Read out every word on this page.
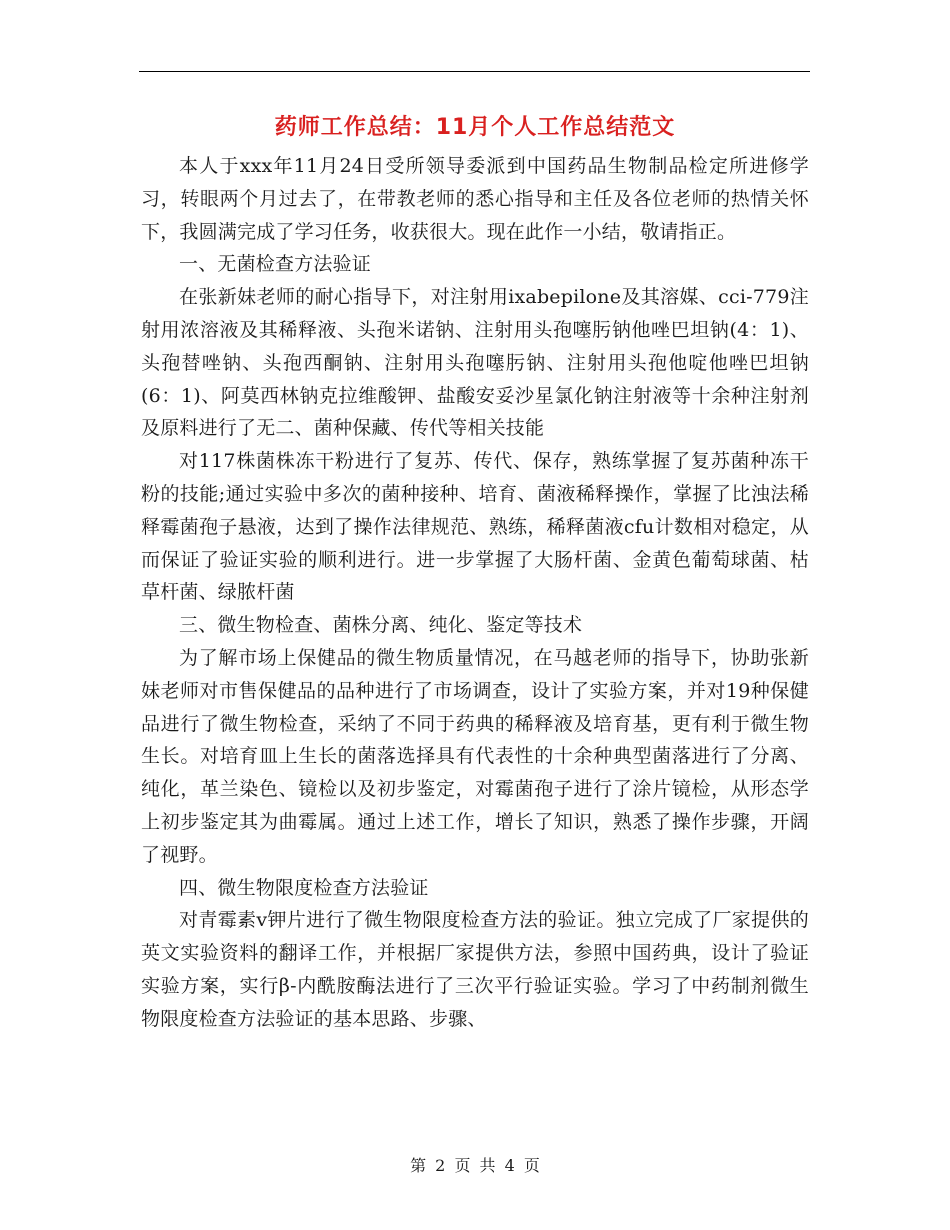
药师工作总结：11月个人工作总结范文

本人于xxx年11月24日受所领导委派到中国药品生物制品检定所进修学习，转眼两个月过去了，在带教老师的悉心指导和主任及各位老师的热情关怀下，我圆满完成了学习任务，收获很大。现在此作一小结，敬请指正。

一、无菌检查方法验证

在张新妹老师的耐心指导下，对注射用ixabepilone及其溶媒、cci-779注射用浓溶液及其稀释液、头孢米诺钠、注射用头孢噻肟钠他唑巴坦钠(4：1)、头孢替唑钠、头孢西酮钠、注射用头孢噻肟钠、注射用头孢他啶他唑巴坦钠(6：1)、阿莫西林钠克拉维酸钾、盐酸安妥沙星氯化钠注射液等十余种注射剂及原料进行了无二、菌种保藏、传代等相关技能

对117株菌株冻干粉进行了复苏、传代、保存，熟练掌握了复苏菌种冻干粉的技能;通过实验中多次的菌种接种、培育、菌液稀释操作，掌握了比浊法稀释霉菌孢子悬液，达到了操作法律规范、熟练，稀释菌液cfu计数相对稳定，从而保证了验证实验的顺利进行。进一步掌握了大肠杆菌、金黄色葡萄球菌、枯草杆菌、绿脓杆菌

三、微生物检查、菌株分离、纯化、鉴定等技术

为了解市场上保健品的微生物质量情况，在马越老师的指导下，协助张新妹老师对市售保健品的品种进行了市场调查，设计了实验方案，并对19种保健品进行了微生物检查，采纳了不同于药典的稀释液及培育基，更有利于微生物生长。对培育皿上生长的菌落选择具有代表性的十余种典型菌落进行了分离、纯化，革兰染色、镜检以及初步鉴定，对霉菌孢子进行了涂片镜检，从形态学上初步鉴定其为曲霉属。通过上述工作，增长了知识，熟悉了操作步骤，开阔了视野。

四、微生物限度检查方法验证

对青霉素v钾片进行了微生物限度检查方法的验证。独立完成了厂家提供的英文实验资料的翻译工作，并根据厂家提供方法，参照中国药典，设计了验证实验方案，实行β-内酰胺酶法进行了三次平行验证实验。学习了中药制剂微生物限度检查方法验证的基本思路、步骤、

第 2 页 共 4 页
